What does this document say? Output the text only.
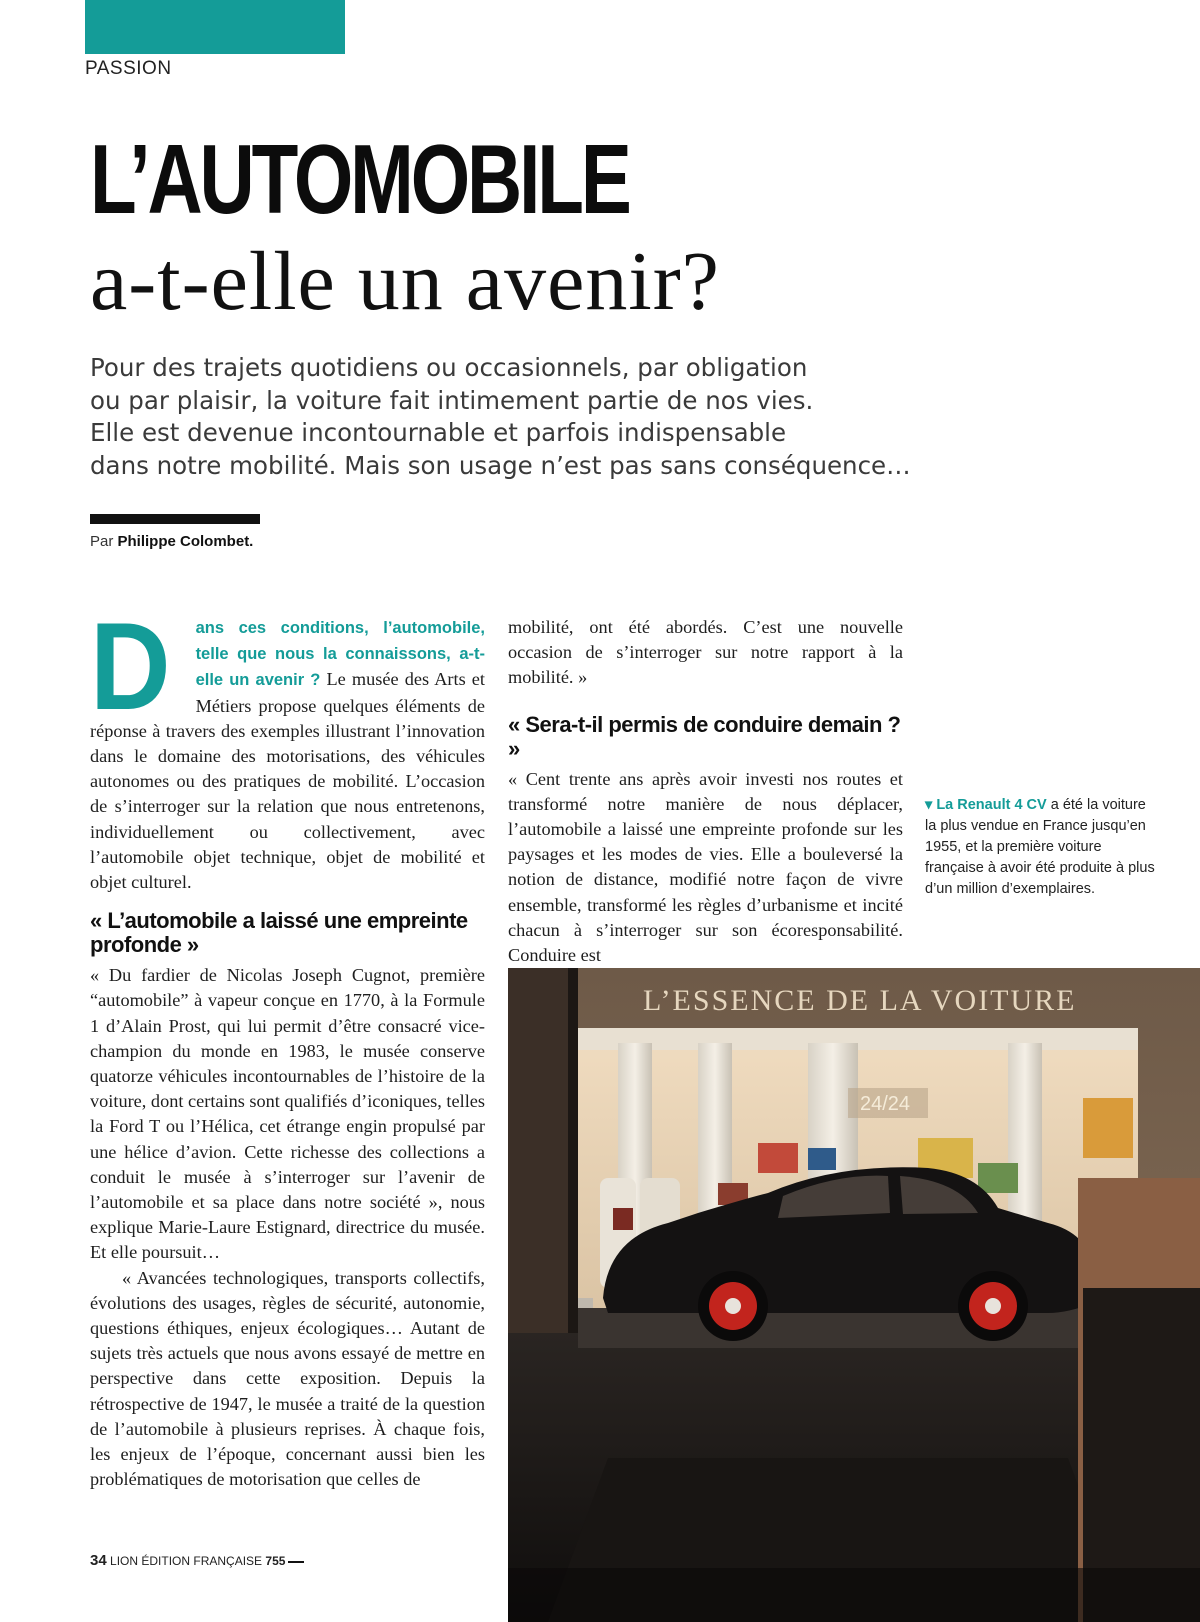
PASSION
L’AUTOMOBILE
a-t-elle un avenir?
Pour des trajets quotidiens ou occasionnels, par obligation
ou par plaisir, la voiture fait intimement partie de nos vies.
Elle est devenue incontournable et parfois indispensable
dans notre mobilité. Mais son usage n’est pas sans conséquence…
Par Philippe Colombet.

D ans ces conditions, l’automobile, telle que nous la connaissons, a-t-elle un avenir ? Le musée des Arts et Métiers propose quelques éléments de réponse à travers des exemples illustrant l’innovation dans le domaine des motorisations, des véhicules autonomes ou des pratiques de mobilité. L’occasion de s’interroger sur la relation que nous entretenons, individuellement ou collectivement, avec l’automobile objet technique, objet de mobilité et objet culturel.

« L’automobile a laissé une empreinte profonde »

« Du fardier de Nicolas Joseph Cugnot, première “automobile” à vapeur conçue en 1770, à la Formule 1 d’Alain Prost, qui lui permit d’être consacré vice-champion du monde en 1983, le musée conserve quatorze véhicules incontournables de l’histoire de la voiture, dont certains sont qualifiés d’iconiques, telles la Ford T ou l’Hélica, cet étrange engin propulsé par une hélice d’avion. Cette richesse des collections a conduit le musée à s’interroger sur l’avenir de l’automobile et sa place dans notre société », nous explique Marie-Laure Estignard, directrice du musée. Et elle poursuit…

« Avancées technologiques, transports collectifs, évolutions des usages, règles de sécurité, autonomie, questions éthiques, enjeux écologiques… Autant de sujets très actuels que nous avons essayé de mettre en perspective dans cette exposition. Depuis la rétrospective de 1947, le musée a traité de la question de l’automobile à plusieurs reprises. À chaque fois, les enjeux de l’époque, concernant aussi bien les problématiques de motorisation que celles de

mobilité, ont été abordés. C’est une nouvelle occasion de s’interroger sur notre rapport à la mobilité. »

« Sera-t-il permis de conduire demain ? »

« Cent trente ans après avoir investi nos routes et transformé notre manière de nous déplacer, l’automobile a laissé une empreinte profonde sur les paysages et les modes de vies. Elle a bouleversé la notion de distance, modifié notre façon de vivre ensemble, transformé les règles d’urbanisme et incité chacun à s’interroger sur son écoresponsabilité. Conduire est

▾ La Renault 4 CV a été la voiture la plus vendue en France jusqu’en 1955, et la première voiture française à avoir été produite à plus d’un million d’exemplaires.
L’ESSENCE DE LA VOITURE
24/24
34 LION ÉDITION FRANÇAISE 755
